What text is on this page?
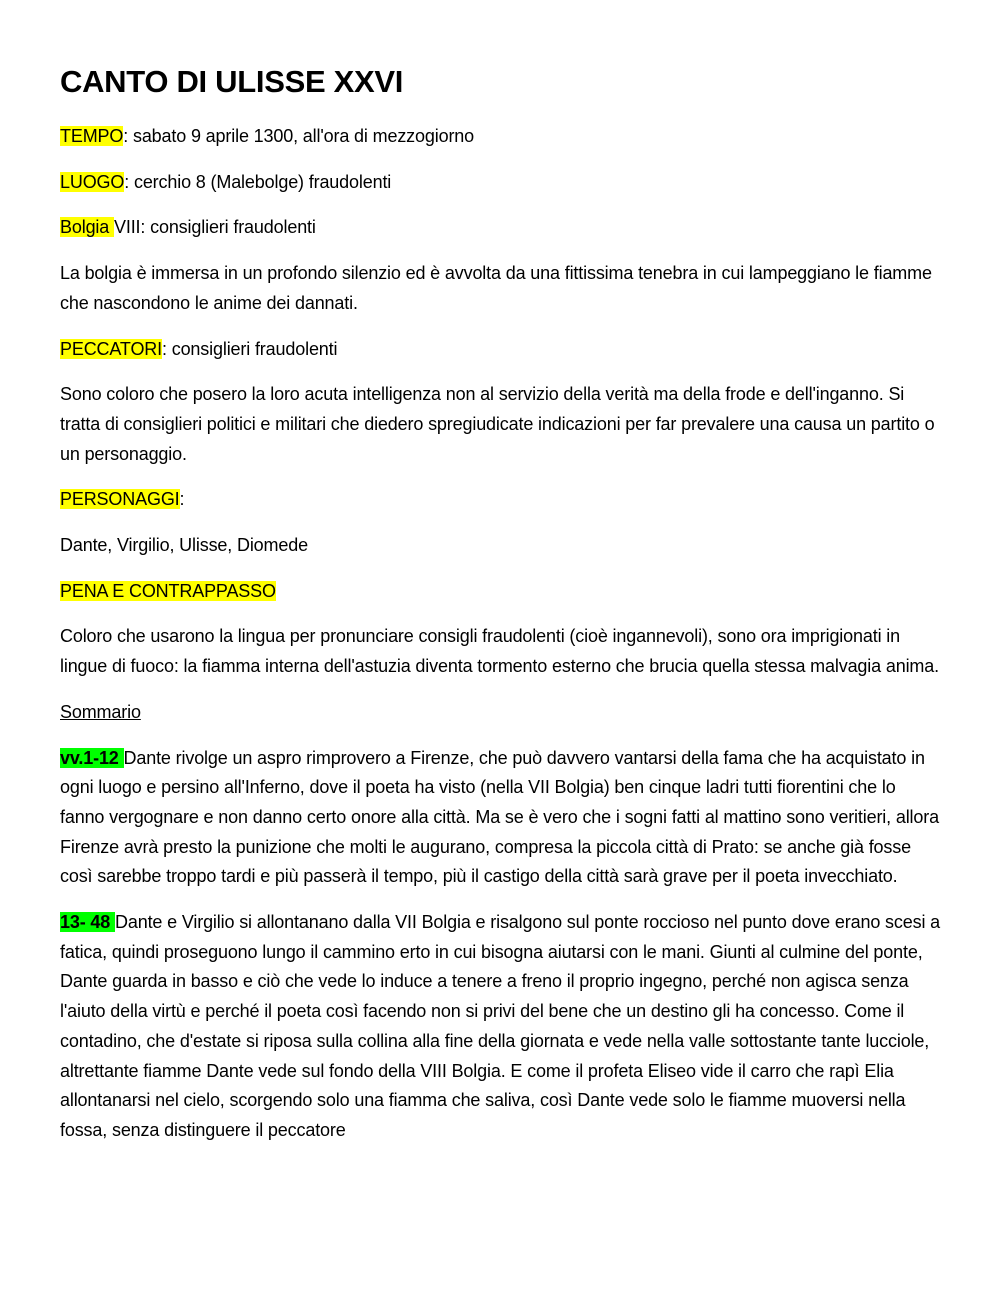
CANTO DI ULISSE XXVI

TEMPO: sabato 9 aprile 1300, all'ora di mezzogiorno

LUOGO: cerchio 8 (Malebolge) fraudolenti

Bolgia VIII: consiglieri fraudolenti

La bolgia è immersa in un profondo silenzio ed è avvolta da una fittissima tenebra in cui lampeggiano le fiamme che nascondono le anime dei dannati.

PECCATORI: consiglieri fraudolenti

Sono coloro che posero la loro acuta intelligenza non al servizio della verità ma della frode e dell'inganno. Si tratta di consiglieri politici e militari che diedero spregiudicate indicazioni per far prevalere una causa un partito o un personaggio.

PERSONAGGI:

Dante, Virgilio, Ulisse, Diomede

PENA E CONTRAPPASSO

Coloro che usarono la lingua per pronunciare consigli fraudolenti (cioè ingannevoli), sono ora imprigionati in lingue di fuoco: la fiamma interna dell'astuzia diventa tormento esterno che brucia quella stessa malvagia anima.

Sommario

vv.1-12 Dante rivolge un aspro rimprovero a Firenze, che può davvero vantarsi della fama che ha acquistato in ogni luogo e persino all'Inferno, dove il poeta ha visto (nella VII Bolgia) ben cinque ladri tutti fiorentini che lo fanno vergognare e non danno certo onore alla città. Ma se è vero che i sogni fatti al mattino sono veritieri, allora Firenze avrà presto la punizione che molti le augurano, compresa la piccola città di Prato: se anche già fosse così sarebbe troppo tardi e più passerà il tempo, più il castigo della città sarà grave per il poeta invecchiato.

13- 48 Dante e Virgilio si allontanano dalla VII Bolgia e risalgono sul ponte roccioso nel punto dove erano scesi a fatica, quindi proseguono lungo il cammino erto in cui bisogna aiutarsi con le mani. Giunti al culmine del ponte, Dante guarda in basso e ciò che vede lo induce a tenere a freno il proprio ingegno, perché non agisca senza l'aiuto della virtù e perché il poeta così facendo non si privi del bene che un destino gli ha concesso. Come il contadino, che d'estate si riposa sulla collina alla fine della giornata e vede nella valle sottostante tante lucciole, altrettante fiamme Dante vede sul fondo della VIII Bolgia. E come il profeta Eliseo vide il carro che rapì Elia allontanarsi nel cielo, scorgendo solo una fiamma che saliva, così Dante vede solo le fiamme muoversi nella fossa, senza distinguere il peccatore
